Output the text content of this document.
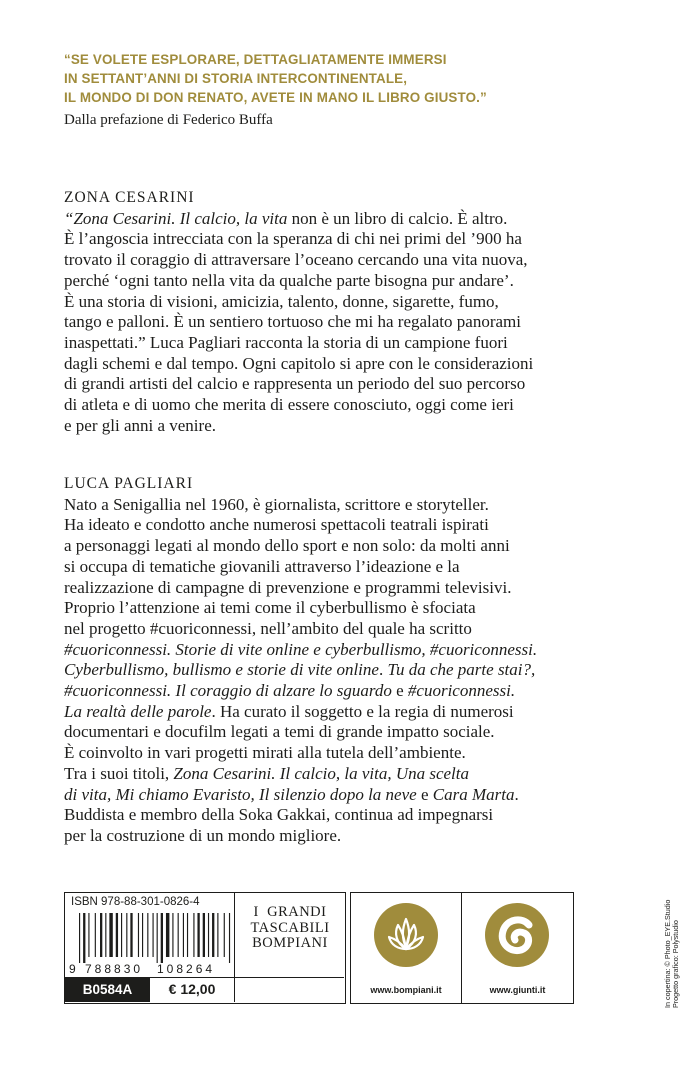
“SE VOLETE ESPLORARE, DETTAGLIATAMENTE IMMERSI
IN SETTANT’ANNI DI STORIA INTERCONTINENTALE,
IL MONDO DI DON RENATO, AVETE IN MANO IL LIBRO GIUSTO.”
Dalla prefazione di Federico Buffa
ZONA CESARINI
“Zona Cesarini. Il calcio, la vita non è un libro di calcio. È altro.
È l’angoscia intrecciata con la speranza di chi nei primi del ’900 ha
trovato il coraggio di attraversare l’oceano cercando una vita nuova,
perché ‘ogni tanto nella vita da qualche parte bisogna pur andare’.
È una storia di visioni, amicizia, talento, donne, sigarette, fumo,
tango e palloni. È un sentiero tortuoso che mi ha regalato panorami
inaspettati.” Luca Pagliari racconta la storia di un campione fuori
dagli schemi e dal tempo. Ogni capitolo si apre con le considerazioni
di grandi artisti del calcio e rappresenta un periodo del suo percorso
di atleta e di uomo che merita di essere conosciuto, oggi come ieri
e per gli anni a venire.
LUCA PAGLIARI
Nato a Senigallia nel 1960, è giornalista, scrittore e storyteller.
Ha ideato e condotto anche numerosi spettacoli teatrali ispirati
a personaggi legati al mondo dello sport e non solo: da molti anni
si occupa di tematiche giovanili attraverso l’ideazione e la
realizzazione di campagne di prevenzione e programmi televisivi.
Proprio l’attenzione ai temi come il cyberbullismo è sfociata
nel progetto #cuoriconnessi, nell’ambito del quale ha scritto
#cuoriconnessi. Storie di vite online e cyberbullismo, #cuoriconnessi.
Cyberbullismo, bullismo e storie di vite online. Tu da che parte stai?,
#cuoriconnessi. Il coraggio di alzare lo sguardo e #cuoriconnessi.
La realtà delle parole. Ha curato il soggetto e la regia di numerosi
documentari e docufilm legati a temi di grande impatto sociale.
È coinvolto in vari progetti mirati alla tutela dell’ambiente.
Tra i suoi titoli, Zona Cesarini. Il calcio, la vita, Una scelta
di vita, Mi chiamo Evaristo, Il silenzio dopo la neve e Cara Marta.
Buddista e membro della Soka Gakkai, continua ad impegnarsi
per la costruzione di un mondo migliore.
ISBN 978-88-301-0826-4
9 788830 108264
I  GRANDI
TASCABILI
BOMPIANI
B0584A	€ 12,00	www.bompiani.it	www.giunti.it	In copertina: © Photo_EYE.Studio Progetto grafico: Polystudio
